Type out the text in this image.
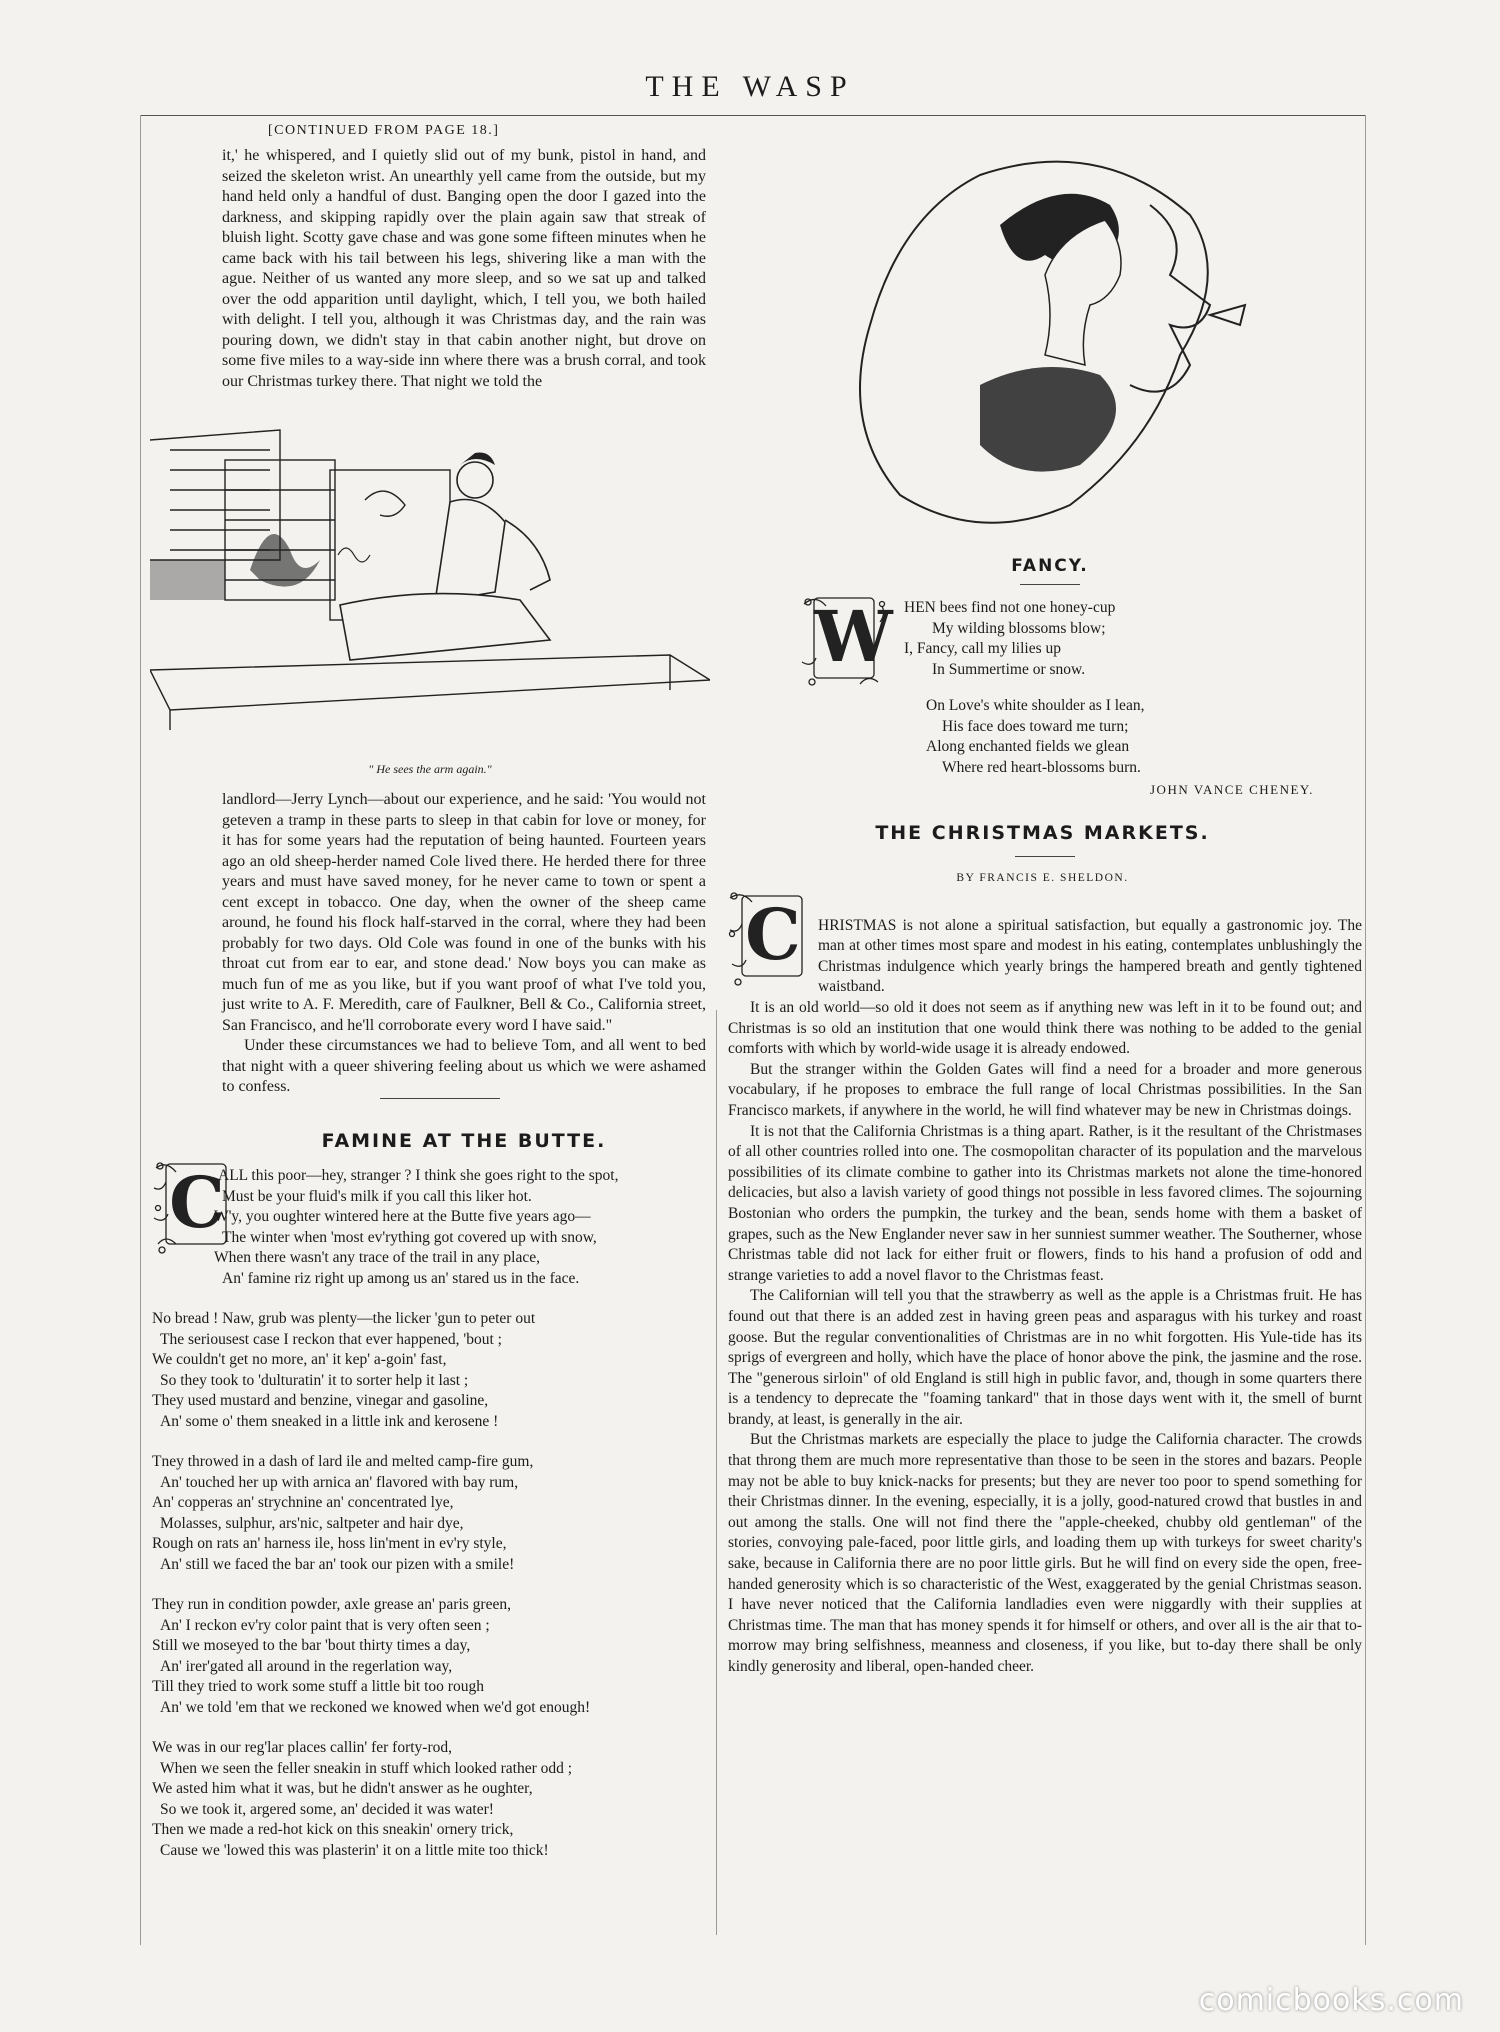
THE WASP
[CONTINUED FROM PAGE 18.]

it,' he whispered, and I quietly slid out of my bunk, pistol in hand, and seized the skeleton wrist. An unearthly yell came from the outside, but my hand held only a handful of dust. Banging open the door I gazed into the darkness, and skipping rapidly over the plain again saw that streak of bluish light. Scotty gave chase and was gone some fifteen minutes when he came back with his tail between his legs, shivering like a man with the ague. Neither of us wanted any more sleep, and so we sat up and talked over the odd apparition until daylight, which, I tell you, we both hailed with delight. I tell you, although it was Christmas day, and the rain was pouring down, we didn't stay in that cabin another night, but drove on some five miles to a way-side inn where there was a brush corral, and took our Christmas turkey there. That night we told the

" He sees the arm again."

landlord—Jerry Lynch—about our experience, and he said: 'You would not geteven a tramp in these parts to sleep in that cabin for love or money, for it has for some years had the reputation of being haunted. Fourteen years ago an old sheep-herder named Cole lived there. He herded there for three years and must have saved money, for he never came to town or spent a cent except in tobacco. One day, when the owner of the sheep came around, he found his flock half-starved in the corral, where they had been probably for two days. Old Cole was found in one of the bunks with his throat cut from ear to ear, and stone dead.' Now boys you can make as much fun of me as you like, but if you want proof of what I've told you, just write to A. F. Meredith, care of Faulkner, Bell & Co., California street, San Francisco, and he'll corroborate every word I have said."

Under these circumstances we had to believe Tom, and all went to bed that night with a queer shivering feeling about us which we were ashamed to confess.

FAMINE AT THE BUTTE.
C
ALL this poor—hey, stranger ? I think she goes right to the spot,
Must be your fluid's milk if you call this liker hot.
W'y, you oughter wintered here at the Butte five years ago—
The winter when 'most ev'rything got covered up with snow,
When there wasn't any trace of the trail in any place,
An' famine riz right up among us an' stared us in the face.
No bread ! Naw, grub was plenty—the licker 'gun to peter out
The seriousest case I reckon that ever happened, 'bout ;
We couldn't get no more, an' it kep' a-goin' fast,
So they took to 'dulturatin' it to sorter help it last ;
They used mustard and benzine, vinegar and gasoline,
An' some o' them sneaked in a little ink and kerosene !
Tney throwed in a dash of lard ile and melted camp-fire gum,
An' touched her up with arnica an' flavored with bay rum,
An' copperas an' strychnine an' concentrated lye,
Molasses, sulphur, ars'nic, saltpeter and hair dye,
Rough on rats an' harness ile, hoss lin'ment in ev'ry style,
An' still we faced the bar an' took our pizen with a smile!
They run in condition powder, axle grease an' paris green,
An' I reckon ev'ry color paint that is very often seen ;
Still we moseyed to the bar 'bout thirty times a day,
An' irer'gated all around in the regerlation way,
Till they tried to work some stuff a little bit too rough
An' we told 'em that we reckoned we knowed when we'd got enough!
We was in our reg'lar places callin' fer forty-rod,
When we seen the feller sneakin in stuff which looked rather odd ;
We asted him what it was, but he didn't answer as he oughter,
So we took it, argered some, an' decided it was water!
Then we made a red-hot kick on this sneakin' ornery trick,
Cause we 'lowed this was plasterin' it on a little mite too thick!
FANCY.
W HEN bees find not one honey-cup
My wilding blossoms blow;
I, Fancy, call my lilies up
In Summertime or snow.
On Love's white shoulder as I lean,
His face does toward me turn;
Along enchanted fields we glean
Where red heart-blossoms burn.
JOHN VANCE CHENEY.
THE CHRISTMAS MARKETS.
BY FRANCIS E. SHELDON.
C HRISTMAS is not alone a spiritual satisfaction, but equally a gastronomic joy. The man at other times most spare and modest in his eating, contemplates unblushingly the Christmas indulgence which yearly brings the hampered breath and gently tightened waistband.

It is an old world—so old it does not seem as if anything new was left in it to be found out; and Christmas is so old an institution that one would think there was nothing to be added to the genial comforts with which by world-wide usage it is already endowed.

But the stranger within the Golden Gates will find a need for a broader and more generous vocabulary, if he proposes to embrace the full range of local Christmas possibilities. In the San Francisco markets, if anywhere in the world, he will find whatever may be new in Christmas doings.

It is not that the California Christmas is a thing apart. Rather, is it the resultant of the Christmases of all other countries rolled into one. The cosmopolitan character of its population and the marvelous possibilities of its climate combine to gather into its Christmas markets not alone the time-honored delicacies, but also a lavish variety of good things not possible in less favored climes. The sojourning Bostonian who orders the pumpkin, the turkey and the bean, sends home with them a basket of grapes, such as the New Englander never saw in her sunniest summer weather. The Southerner, whose Christmas table did not lack for either fruit or flowers, finds to his hand a profusion of odd and strange varieties to add a novel flavor to the Christmas feast.

The Californian will tell you that the strawberry as well as the apple is a Christmas fruit. He has found out that there is an added zest in having green peas and asparagus with his turkey and roast goose. But the regular conventionalities of Christmas are in no whit forgotten. His Yule-tide has its sprigs of evergreen and holly, which have the place of honor above the pink, the jasmine and the rose. The "generous sirloin" of old England is still high in public favor, and, though in some quarters there is a tendency to deprecate the "foaming tankard" that in those days went with it, the smell of burnt brandy, at least, is generally in the air.

But the Christmas markets are especially the place to judge the California character. The crowds that throng them are much more representative than those to be seen in the stores and bazars. People may not be able to buy knick-nacks for presents; but they are never too poor to spend something for their Christmas dinner. In the evening, especially, it is a jolly, good-natured crowd that bustles in and out among the stalls. One will not find there the "apple-cheeked, chubby old gentleman" of the stories, convoying pale-faced, poor little girls, and loading them up with turkeys for sweet charity's sake, because in California there are no poor little girls. But he will find on every side the open, free-handed generosity which is so characteristic of the West, exaggerated by the genial Christmas season. I have never noticed that the California landladies even were niggardly with their supplies at Christmas time. The man that has money spends it for himself or others, and over all is the air that to-morrow may bring selfishness, meanness and closeness, if you like, but to-day there shall be only kindly generosity and liberal, open-handed cheer.

comicbooks.com
